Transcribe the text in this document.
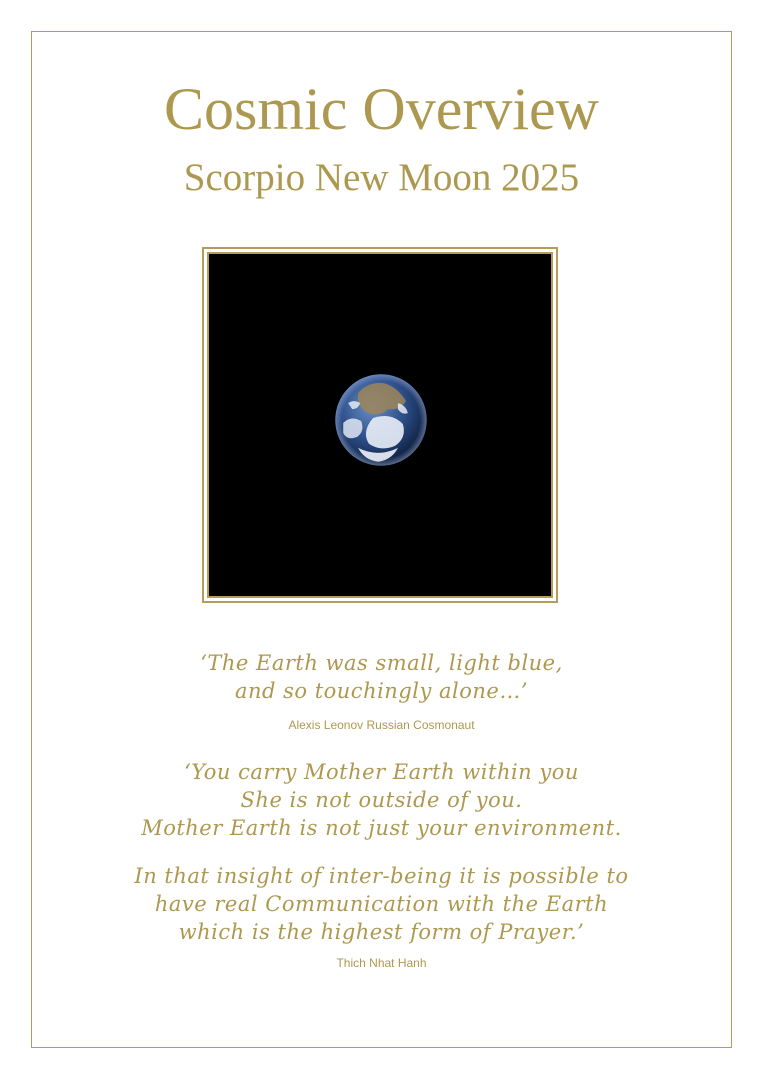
Cosmic Overview
Scorpio New Moon 2025
‘The Earth was small, light blue,
and so touchingly alone…’
Alexis Leonov Russian Cosmonaut
‘You carry Mother Earth within you
She is not outside of you.
Mother Earth is not just your environment.
In that insight of inter-being it is possible to
have real Communication with the Earth
which is the highest form of Prayer.’
Thich Nhat Hanh
